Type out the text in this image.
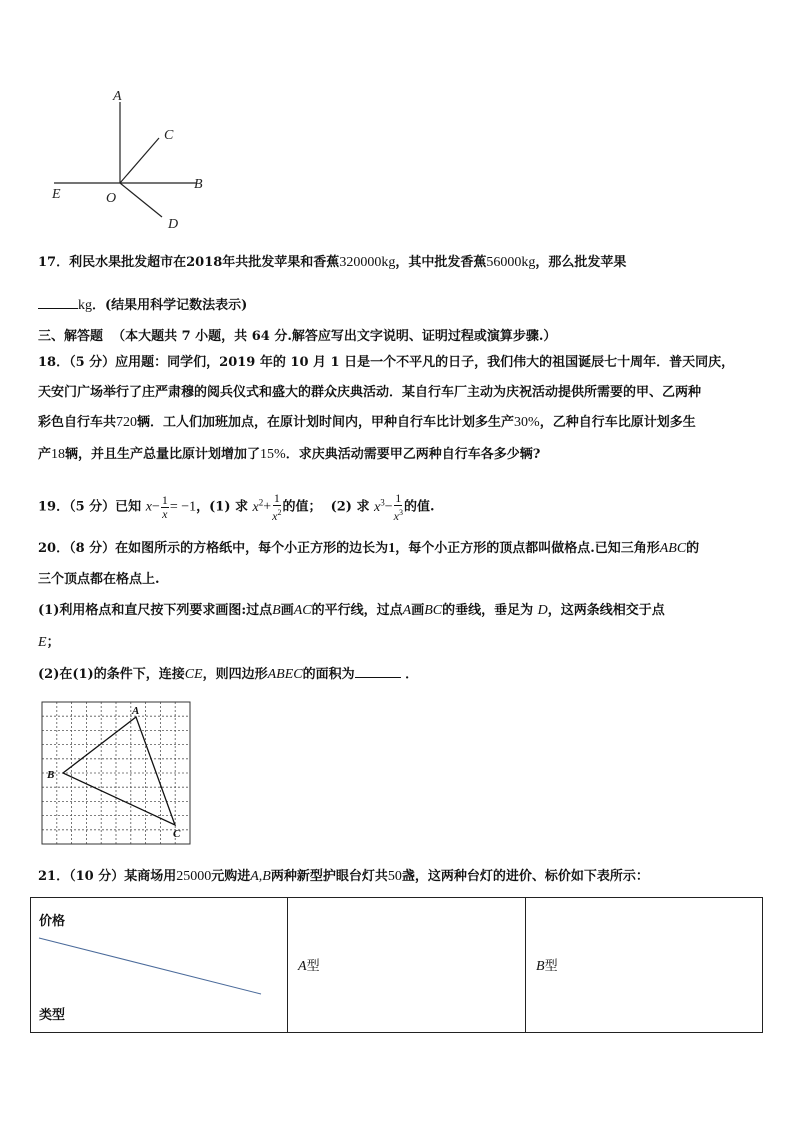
A
C
E	O
B
D
17．利民水果批发超市在2018年共批发苹果和香蕉320000kg，其中批发香蕉56000kg，那么批发苹果
kg．(结果用科学记数法表示)
三、解答题 （本大题共 7 小题，共 64 分.解答应写出文字说明、证明过程或演算步骤.）
18．（5 分）应用题：同学们，2019 年的 10 月 1 日是一个不平凡的日子，我们伟大的祖国诞辰七十周年．普天同庆，
天安门广场举行了庄严肃穆的阅兵仪式和盛大的群众庆典活动．某自行车厂主动为庆祝活动提供所需要的甲、乙两种
彩色自行车共720辆．工人们加班加点，在原计划时间内，甲种自行车比计划多生产30%，乙种自行车比原计划多生
产18辆，并且生产总量比原计划增加了15%．求庆典活动需要甲乙两种自行车各多少辆?
19．（5 分）已知 $x- \frac{1}{x} = -1$，(1) 求 $x^2+ \frac{1}{x^2}$ 的值； (2) 求 $x^3- \frac{1}{x^3}$ 的值.
20．（8 分）在如图所示的方格纸中，每个小正方形的边长为1，每个小正方形的顶点都叫做格点.已知三角形ABC的
三个顶点都在格点上.
(1)利用格点和直尺按下列要求画图:过点B画AC的平行线，过点A画BC的垂线，垂足为 D，这两条线相交于点
E；
(2)在(1)的条件下，连接CE，则四边形ABEC的面积为	．
A
B
C
21．（10 分）某商场用25000元购进A,B两种新型护眼台灯共50盏，这两种台灯的进价、标价如下表所示：
价格
类型
	A型	B型
